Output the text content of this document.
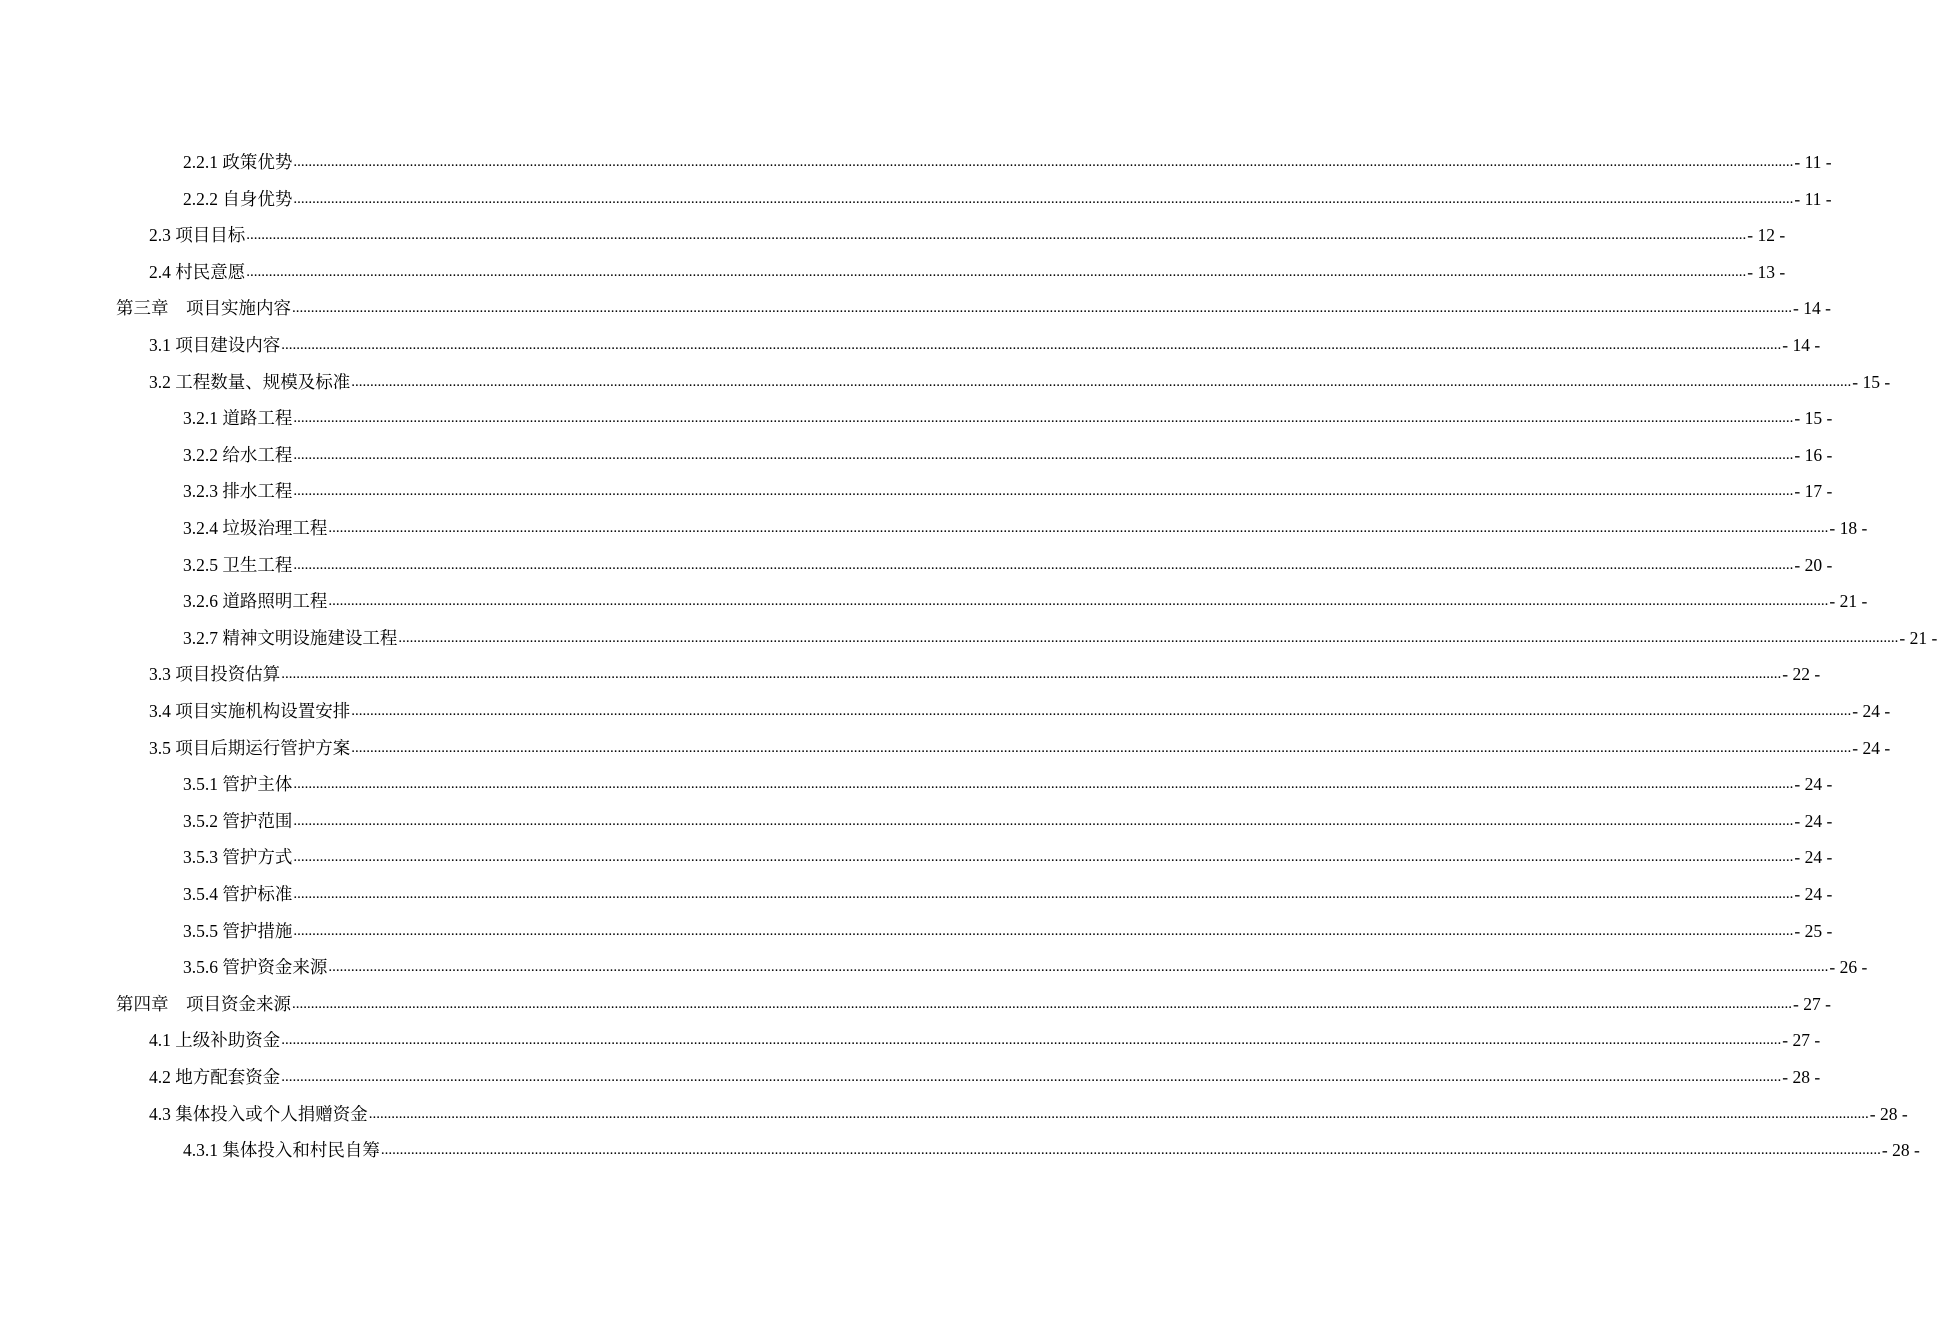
2.2.1 政策优势 ................................................................................................................................................................................................................................................................................................................................................................................................................ - 11 -
2.2.2 自身优势 ................................................................................................................................................................................................................................................................................................................................................................................................................ - 11 -
2.3 项目目标 ................................................................................................................................................................................................................................................................................................................................................................................................................ - 12 -
2.4 村民意愿 ................................................................................................................................................................................................................................................................................................................................................................................................................ - 13 -
第三章　项目实施内容 ................................................................................................................................................................................................................................................................................................................................................................................................................ - 14 -
3.1 项目建设内容 ................................................................................................................................................................................................................................................................................................................................................................................................................ - 14 -
3.2 工程数量、规模及标准 ................................................................................................................................................................................................................................................................................................................................................................................................................ - 15 -
3.2.1 道路工程 ................................................................................................................................................................................................................................................................................................................................................................................................................ - 15 -
3.2.2 给水工程 ................................................................................................................................................................................................................................................................................................................................................................................................................ - 16 -
3.2.3 排水工程 ................................................................................................................................................................................................................................................................................................................................................................................................................ - 17 -
3.2.4 垃圾治理工程 ................................................................................................................................................................................................................................................................................................................................................................................................................ - 18 -
3.2.5 卫生工程 ................................................................................................................................................................................................................................................................................................................................................................................................................ - 20 -
3.2.6 道路照明工程 ................................................................................................................................................................................................................................................................................................................................................................................................................ - 21 -
3.2.7 精神文明设施建设工程 ................................................................................................................................................................................................................................................................................................................................................................................................................ - 21 -
3.3 项目投资估算 ................................................................................................................................................................................................................................................................................................................................................................................................................ - 22 -
3.4 项目实施机构设置安排 ................................................................................................................................................................................................................................................................................................................................................................................................................ - 24 -
3.5 项目后期运行管护方案 ................................................................................................................................................................................................................................................................................................................................................................................................................ - 24 -
3.5.1 管护主体 ................................................................................................................................................................................................................................................................................................................................................................................................................ - 24 -
3.5.2 管护范围 ................................................................................................................................................................................................................................................................................................................................................................................................................ - 24 -
3.5.3 管护方式 ................................................................................................................................................................................................................................................................................................................................................................................................................ - 24 -
3.5.4 管护标准 ................................................................................................................................................................................................................................................................................................................................................................................................................ - 24 -
3.5.5 管护措施 ................................................................................................................................................................................................................................................................................................................................................................................................................ - 25 -
3.5.6 管护资金来源 ................................................................................................................................................................................................................................................................................................................................................................................................................ - 26 -
第四章　项目资金来源 ................................................................................................................................................................................................................................................................................................................................................................................................................ - 27 -
4.1 上级补助资金 ................................................................................................................................................................................................................................................................................................................................................................................................................ - 27 -
4.2 地方配套资金 ................................................................................................................................................................................................................................................................................................................................................................................................................ - 28 -
4.3 集体投入或个人捐赠资金 ................................................................................................................................................................................................................................................................................................................................................................................................................ - 28 -
4.3.1 集体投入和村民自筹 ................................................................................................................................................................................................................................................................................................................................................................................................................ - 28 -
